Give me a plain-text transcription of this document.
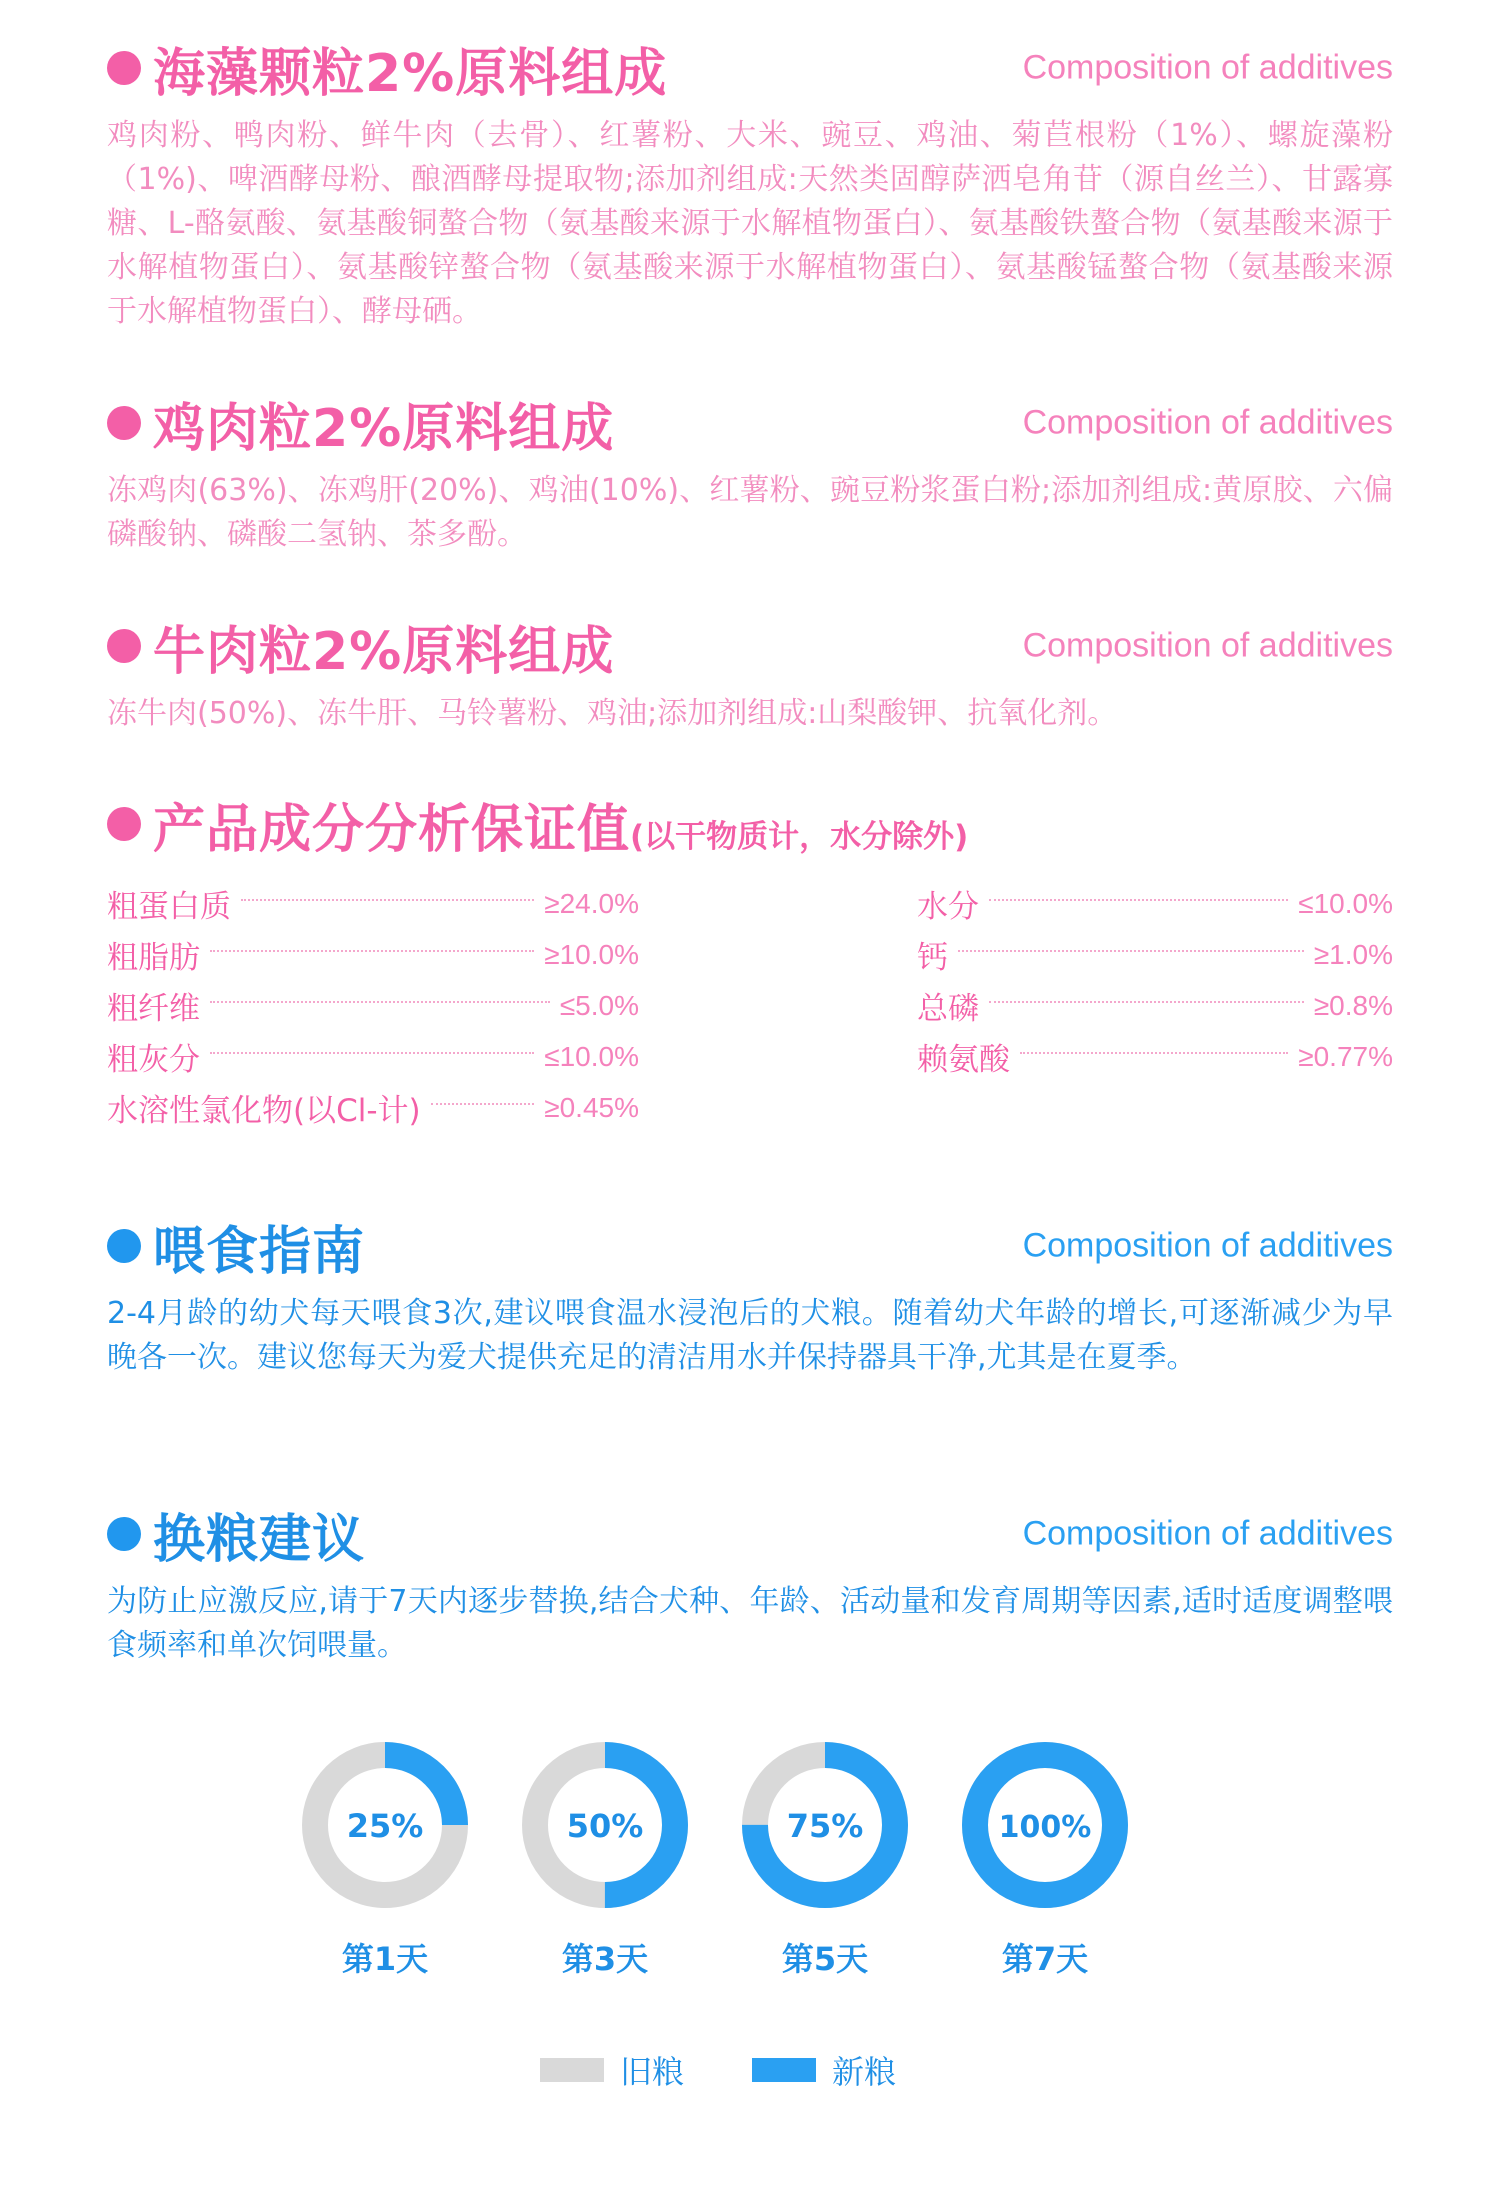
海藻颗粒2%原料组成	Composition of additives
鸡肉粉、鸭肉粉、鲜牛肉（去骨）、红薯粉、大米、豌豆、鸡油、菊苣根粉（1%）、螺旋藻粉（1%)、啤酒酵母粉、酿酒酵母提取物;添加剂组成:天然类固醇萨洒皂角苷（源自丝兰）、甘露寡糖、L-酪氨酸、氨基酸铜螯合物（氨基酸来源于水解植物蛋白）、氨基酸铁螯合物（氨基酸来源于水解植物蛋白）、氨基酸锌螯合物（氨基酸来源于水解植物蛋白）、氨基酸锰螯合物（氨基酸来源于水解植物蛋白）、酵母硒。
鸡肉粒2%原料组成	Composition of additives
冻鸡肉(63%)、冻鸡肝(20%)、鸡油(10%)、红薯粉、豌豆粉浆蛋白粉;添加剂组成:黄原胶、六偏磷酸钠、磷酸二氢钠、茶多酚。
牛肉粒2%原料组成	Composition of additives
冻牛肉(50%)、冻牛肝、马铃薯粉、鸡油;添加剂组成:山梨酸钾、抗氧化剂。
产品成分分析保证值(以干物质计，水分除外)
粗蛋白质	≥24.0%
粗脂肪	≥10.0%
粗纤维	≤5.0%
粗灰分	≤10.0%
水溶性氯化物(以Cl-计)	≥0.45%
水分	≤10.0%
钙	≥1.0%
总磷	≥0.8%
赖氨酸	≥0.77%
喂食指南	Composition of additives
2-4月龄的幼犬每天喂食3次,建议喂食温水浸泡后的犬粮。随着幼犬年龄的增长,可逐渐减少为早晚各一次。建议您每天为爱犬提供充足的清洁用水并保持器具干净,尤其是在夏季。
换粮建议	Composition of additives
为防止应激反应,请于7天内逐步替换,结合犬种、年龄、活动量和发育周期等因素,适时适度调整喂食频率和单次饲喂量。
25%
第1天
50%
第3天
75%
第5天
100%
第7天
旧粮	新粮
